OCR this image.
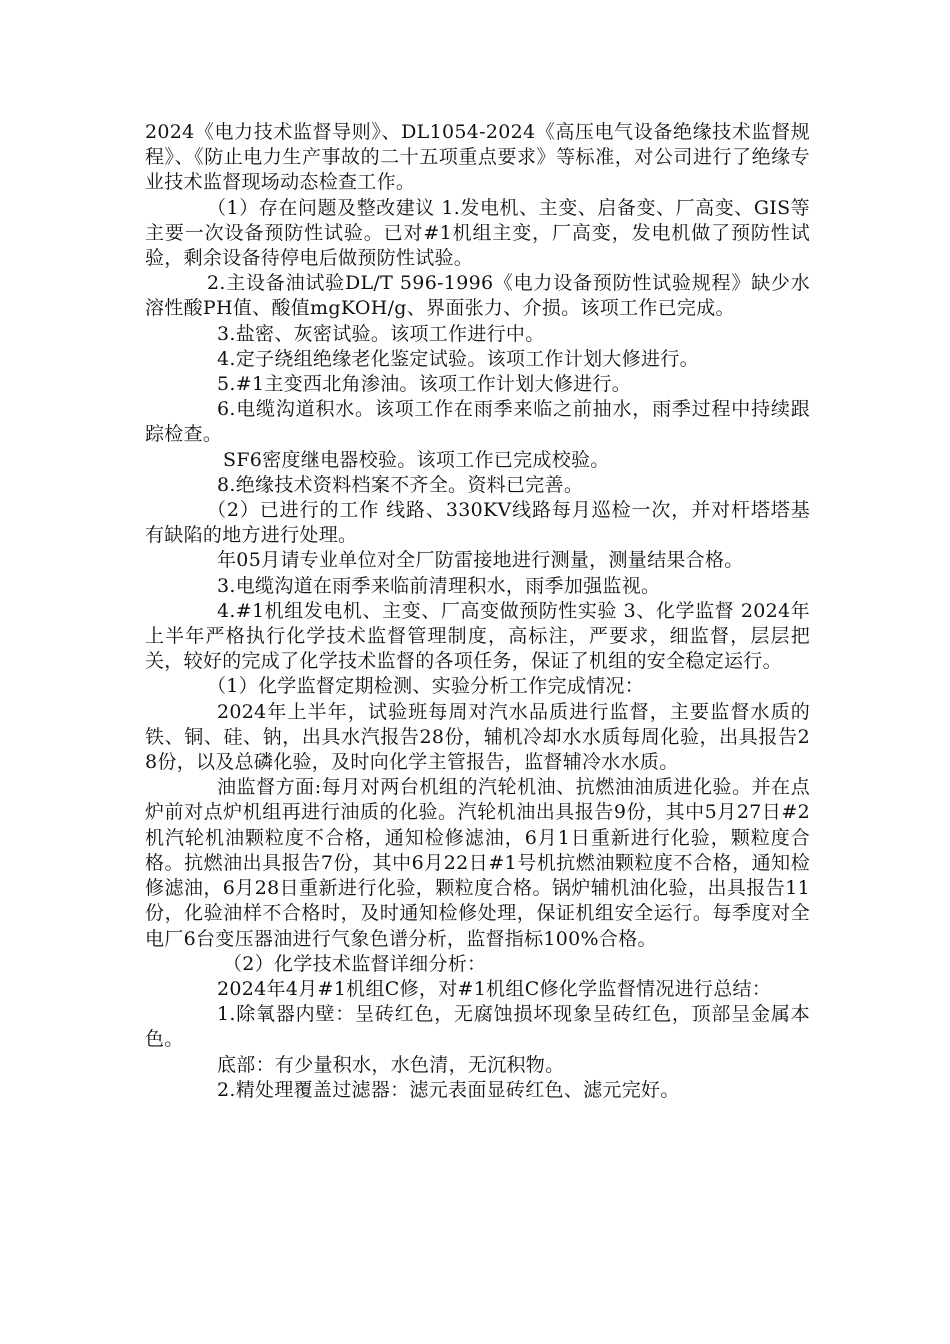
2024《电力技术监督导则》、DL1054-2024《高压电气设备绝缘技术监督规程》、《防止电力生产事故的二十五项重点要求》等标准，对公司进行了绝缘专业技术监督现场动态检查工作。

（1）存在问题及整改建议 1.发电机、主变、启备变、厂高变、GIS等主要一次设备预防性试验。已对#1机组主变，厂高变，发电机做了预防性试验，剩余设备待停电后做预防性试验。

2.主设备油试验DL/T 596-1996《电力设备预防性试验规程》缺少水溶性酸PH值、酸值mgKOH/g、界面张力、介损。该项工作已完成。

3.盐密、灰密试验。该项工作进行中。

4.定子绕组绝缘老化鉴定试验。该项工作计划大修进行。

5.#1主变西北角渗油。该项工作计划大修进行。

6.电缆沟道积水。该项工作在雨季来临之前抽水，雨季过程中持续跟踪检查。

SF6密度继电器校验。该项工作已完成校验。

8.绝缘技术资料档案不齐全。资料已完善。

（2）已进行的工作 线路、330KV线路每月巡检一次，并对杆塔塔基有缺陷的地方进行处理。

年05月请专业单位对全厂防雷接地进行测量，测量结果合格。

3.电缆沟道在雨季来临前清理积水，雨季加强监视。

4.#1机组发电机、主变、厂高变做预防性实验 3、化学监督 2024年上半年严格执行化学技术监督管理制度，高标注，严要求，细监督，层层把关，较好的完成了化学技术监督的各项任务，保证了机组的安全稳定运行。

（1）化学监督定期检测、实验分析工作完成情况：

2024年上半年，试验班每周对汽水品质进行监督，主要监督水质的铁、铜、硅、钠，出具水汽报告28份，辅机冷却水水质每周化验，出具报告28份，以及总磷化验，及时向化学主管报告，监督辅冷水水质。

油监督方面:每月对两台机组的汽轮机油、抗燃油油质进化验。并在点炉前对点炉机组再进行油质的化验。汽轮机油出具报告9份，其中5月27日#2机汽轮机油颗粒度不合格，通知检修滤油，6月1日重新进行化验，颗粒度合格。抗燃油出具报告7份，其中6月22日#1号机抗燃油颗粒度不合格，通知检修滤油，6月28日重新进行化验，颗粒度合格。锅炉辅机油化验，出具报告11份，化验油样不合格时，及时通知检修处理，保证机组安全运行。每季度对全电厂6台变压器油进行气象色谱分析，监督指标100%合格。

（2）化学技术监督详细分析：

2024年4月#1机组C修，对#1机组C修化学监督情况进行总结：

1.除氧器内壁：呈砖红色，无腐蚀损坏现象呈砖红色，顶部呈金属本色。

底部：有少量积水，水色清，无沉积物。

2.精处理覆盖过滤器：滤元表面显砖红色、滤元完好。
